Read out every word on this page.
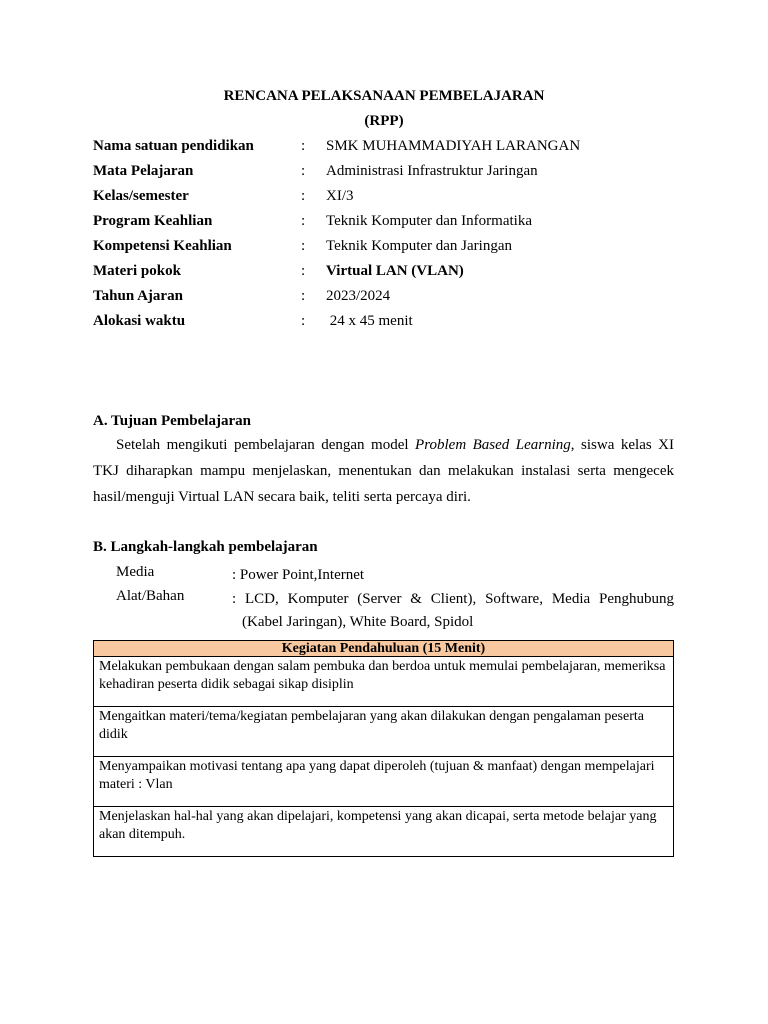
RENCANA PELAKSANAAN PEMBELAJARAN
(RPP)
Nama satuan pendidikan	: SMK MUHAMMADIYAH LARANGAN
Mata Pelajaran	: Administrasi Infrastruktur Jaringan
Kelas/semester	: XI/3
Program Keahlian	: Teknik Komputer dan Informatika
Kompetensi Keahlian	: Teknik Komputer dan Jaringan
Materi pokok	: Virtual LAN (VLAN)
Tahun Ajaran	: 2023/2024
Alokasi waktu	: 24 x 45 menit
A. Tujuan Pembelajaran
Setelah mengikuti pembelajaran dengan model Problem Based Learning, siswa kelas XI TKJ diharapkan mampu menjelaskan, menentukan dan melakukan instalasi serta mengecek hasil/menguji Virtual LAN secara baik, teliti serta percaya diri.
B. Langkah-langkah pembelajaran
Media	: Power Point,Internet
Alat/Bahan	: LCD, Komputer (Server & Client), Software, Media Penghubung
(Kabel Jaringan), White Board, Spidol
Kegiatan Pendahuluan (15 Menit)
Melakukan pembukaan dengan salam pembuka dan berdoa untuk memulai pembelajaran, memeriksa kehadiran peserta didik sebagai sikap disiplin
Mengaitkan materi/tema/kegiatan pembelajaran yang akan dilakukan dengan pengalaman peserta didik
Menyampaikan motivasi tentang apa yang dapat diperoleh (tujuan & manfaat) dengan mempelajari materi : Vlan
Menjelaskan hal-hal yang akan dipelajari, kompetensi yang akan dicapai, serta metode belajar yang akan ditempuh.
